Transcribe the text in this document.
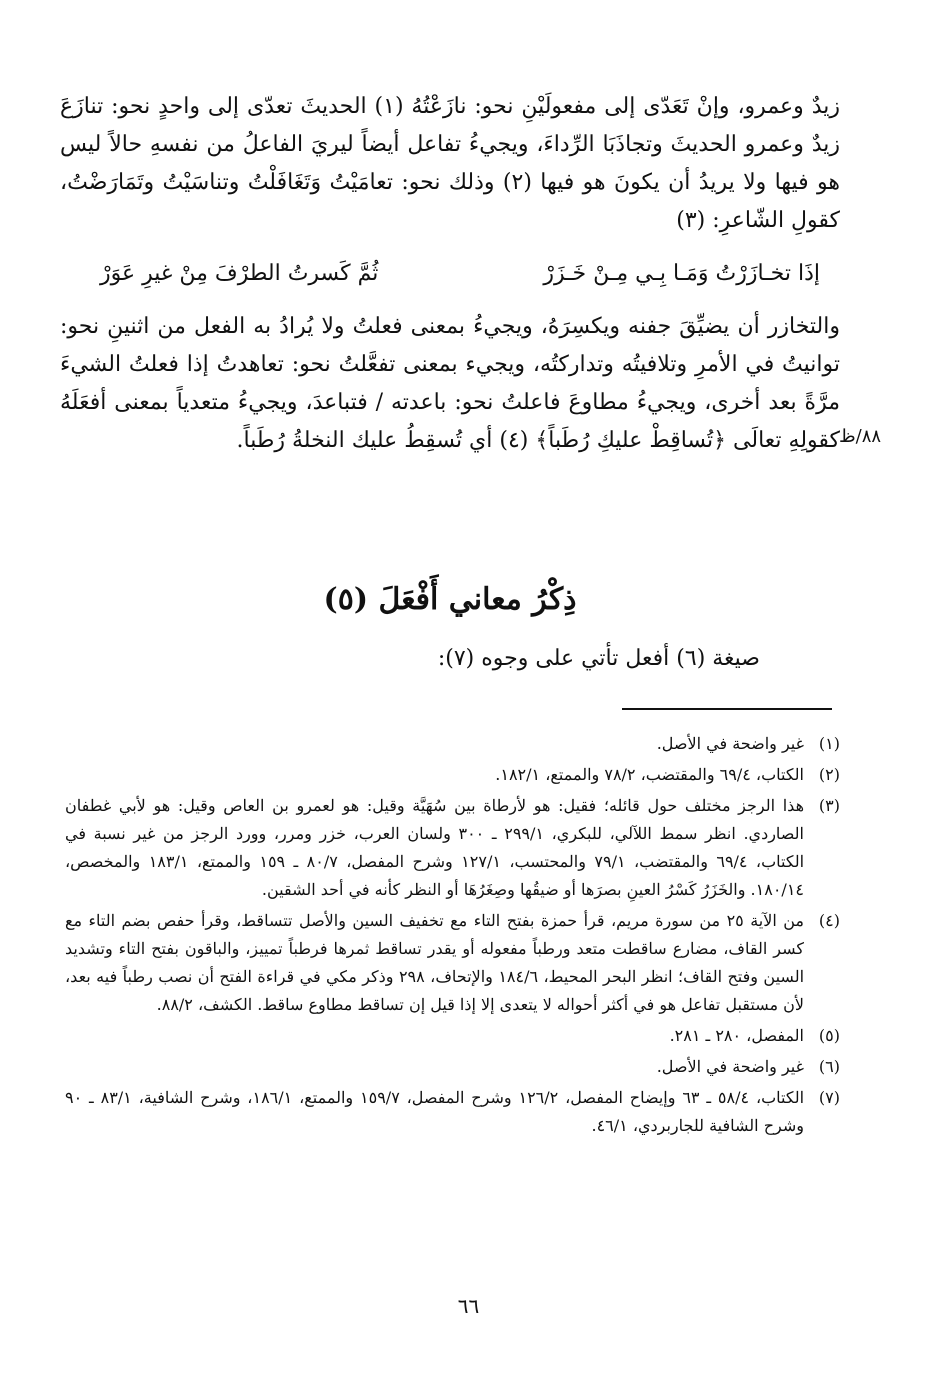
زيدٌ وعمرو، وإنْ تَعَدّى إلى مفعولَيْنِ نحو: نازَعْتُهُ (١) الحديثَ تعدّى إلى واحدٍ نحو: تنازَعَ زيدٌ وعمرو الحديثَ وتجاذَبَا الرِّداءَ، ويجيءُ تفاعل أيضاً ليريَ الفاعلُ من نفسهِ حالاً ليس هو فيها ولا يريدُ أن يكونَ هو فيها (٢) وذلك نحو: تعامَيْتُ وَتَغَافَلْتُ وتناسَيْتُ وتَمَارَضْتُ، كقولِ الشّاعرِ: (٣)

إذَا تخـازَرْتُ وَمَـا بِـي مِـنْ خَـزَرْ
ثُمَّ كَسرتُ الطرْفَ مِنْ غيرِ عَوَرْ

والتخازر أن يضيِّقَ جفنه ويكسِرَهُ، ويجيءُ بمعنى فعلتُ ولا يُرادُ به الفعل من اثنينِ نحو: توانيتُ في الأمرِ وتلافيتُه وتداركتُه، ويجيء بمعنى تفعَّلتُ نحو: تعاهدتُ إذا فعلتُ الشيءَ مرَّةً بعد أخرى، ويجيءُ مطاوعَ فاعلتُ نحو: باعدته / فتباعدَ، ويجيءُ متعدياً بمعنى أفعَلَهُ كقولِهِ تعالَى ﴿تُساقِطْ عليكِ رُطَباً﴾ (٤) أي تُسقِطُ عليك النخلةُ رُطَباً. ٨٨/ظ
ذِكْرُ معاني أَفْعَلَ (٥)
صيغة (٦) أفعل تأتي على وجوه (٧):
(١)
غير واضحة في الأصل.
(٢)
الكتاب، ٦٩/٤ والمقتضب، ٧٨/٢ والممتع، ١٨٢/١.
(٣)
هذا الرجز مختلف حول قائله؛ فقيل: هو لأرطاة بين سُهَيَّة وقيل: هو لعمرو بن العاص وقيل: هو لأبي غطفان الصاردي. انظر سمط اللآلي، للبكري، ٢٩٩/١ ـ ٣٠٠ ولسان العرب، خزر ومرر، وورد الرجز من غير نسبة في الكتاب، ٦٩/٤ والمقتضب، ٧٩/١ والمحتسب، ١٢٧/١ وشرح المفصل، ٨٠/٧ ـ ١٥٩ والممتع، ١٨٣/١ والمخصص، ١٨٠/١٤. والخَزَرُ كَسْرُ العينِ بصرَها أو ضيقُها وصِغَرُهَا أو النظر كأنه في أحد الشقين.
(٤)
من الآية ٢٥ من سورة مريم، قرأ حمزة بفتح التاء مع تخفيف السين والأصل تتساقط، وقرأ حفص بضم التاء مع كسر القاف، مضارع ساقطت متعد ورطباً مفعوله أو يقدر تساقط ثمرها فرطباً تمييز، والباقون بفتح التاء وتشديد السين وفتح القاف؛ انظر البحر المحيط، ١٨٤/٦ والإتحاف، ٢٩٨ وذكر مكي في قراءة الفتح أن نصب رطباً فيه بعد، لأن مستقبل تفاعل هو في أكثر أحواله لا يتعدى إلا إذا قيل إن تساقط مطاوع ساقط. الكشف، ٨٨/٢.
(٥)
المفصل، ٢٨٠ ـ ٢٨١.
(٦)
غير واضحة في الأصل.
(٧)
الكتاب، ٥٨/٤ ـ ٦٣ وإيضاح المفصل، ١٢٦/٢ وشرح المفصل، ١٥٩/٧ والممتع، ١٨٦/١، وشرح الشافية، ٨٣/١ ـ ٩٠ وشرح الشافية للجاربردي، ٤٦/١.
٦٦
